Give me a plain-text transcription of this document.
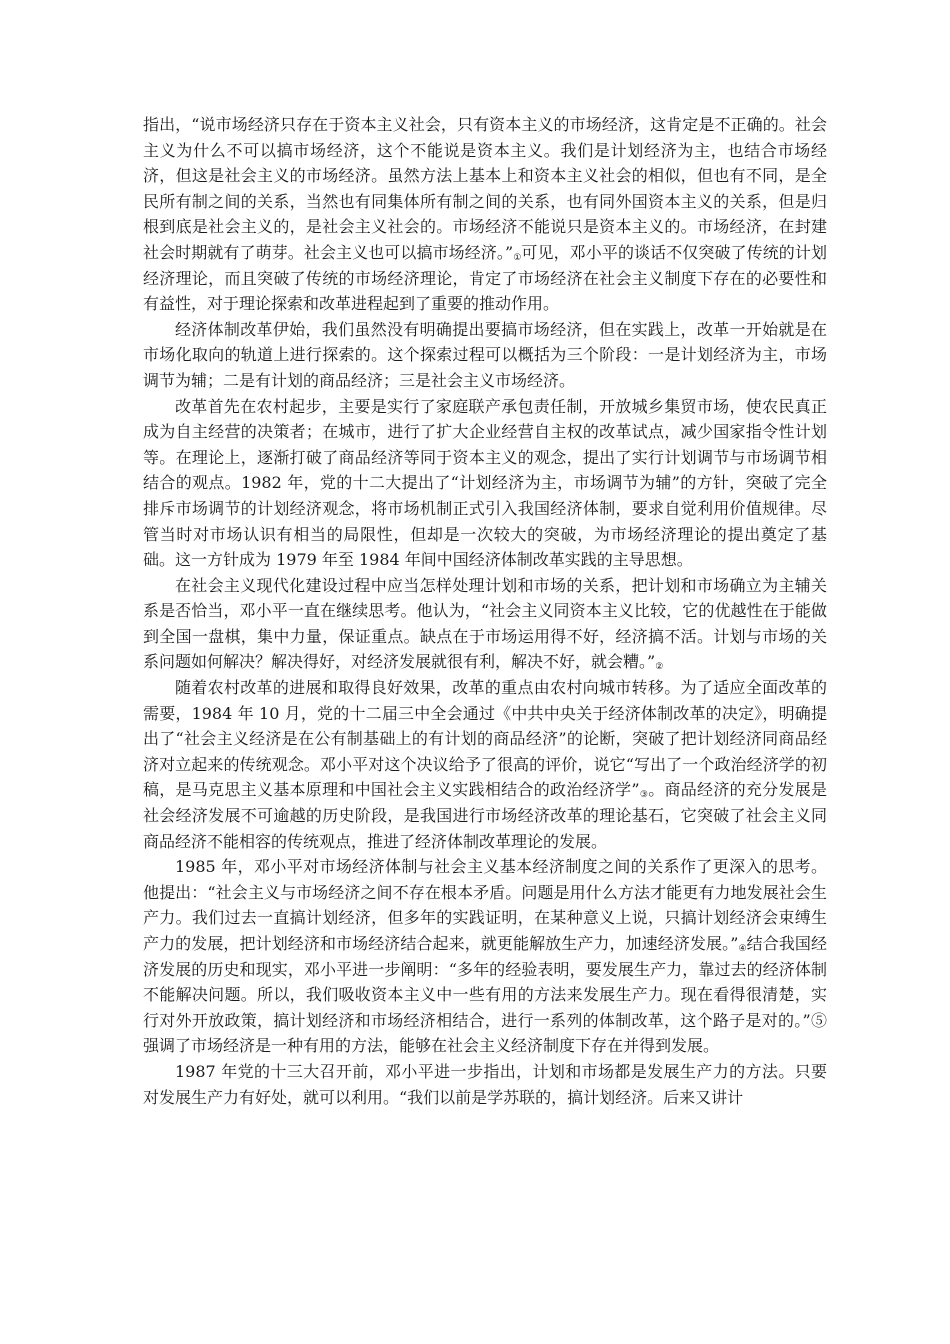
指出，“说市场经济只存在于资本主义社会，只有资本主义的市场经济，这肯定是不正确的。社会主义为什么不可以搞市场经济，这个不能说是资本主义。我们是计划经济为主，也结合市场经济，但这是社会主义的市场经济。虽然方法上基本上和资本主义社会的相似，但也有不同，是全民所有制之间的关系，当然也有同集体所有制之间的关系，也有同外国资本主义的关系，但是归根到底是社会主义的，是社会主义社会的。市场经济不能说只是资本主义的。市场经济，在封建社会时期就有了萌芽。社会主义也可以搞市场经济。”①可见，邓小平的谈话不仅突破了传统的计划经济理论，而且突破了传统的市场经济理论，肯定了市场经济在社会主义制度下存在的必要性和有益性，对于理论探索和改革进程起到了重要的推动作用。

经济体制改革伊始，我们虽然没有明确提出要搞市场经济，但在实践上，改革一开始就是在市场化取向的轨道上进行探索的。这个探索过程可以概括为三个阶段：一是计划经济为主，市场调节为辅；二是有计划的商品经济；三是社会主义市场经济。

改革首先在农村起步，主要是实行了家庭联产承包责任制，开放城乡集贸市场，使农民真正成为自主经营的决策者；在城市，进行了扩大企业经营自主权的改革试点，减少国家指令性计划等。在理论上，逐渐打破了商品经济等同于资本主义的观念，提出了实行计划调节与市场调节相结合的观点。1982 年，党的十二大提出了“计划经济为主，市场调节为辅”的方针，突破了完全排斥市场调节的计划经济观念，将市场机制正式引入我国经济体制，要求自觉利用价值规律。尽管当时对市场认识有相当的局限性，但却是一次较大的突破，为市场经济理论的提出奠定了基础。这一方针成为 1979 年至 1984 年间中国经济体制改革实践的主导思想。

在社会主义现代化建设过程中应当怎样处理计划和市场的关系，把计划和市场确立为主辅关系是否恰当，邓小平一直在继续思考。他认为，“社会主义同资本主义比较，它的优越性在于能做到全国一盘棋，集中力量，保证重点。缺点在于市场运用得不好，经济搞不活。计划与市场的关系问题如何解决？解决得好，对经济发展就很有利，解决不好，就会糟。”②

随着农村改革的进展和取得良好效果，改革的重点由农村向城市转移。为了适应全面改革的需要，1984 年 10 月，党的十二届三中全会通过《中共中央关于经济体制改革的决定》，明确提出了“社会主义经济是在公有制基础上的有计划的商品经济”的论断，突破了把计划经济同商品经济对立起来的传统观念。邓小平对这个决议给予了很高的评价，说它“写出了一个政治经济学的初稿，是马克思主义基本原理和中国社会主义实践相结合的政治经济学”③。商品经济的充分发展是社会经济发展不可逾越的历史阶段，是我国进行市场经济改革的理论基石，它突破了社会主义同商品经济不能相容的传统观点，推进了经济体制改革理论的发展。

1985 年，邓小平对市场经济体制与社会主义基本经济制度之间的关系作了更深入的思考。他提出：“社会主义与市场经济之间不存在根本矛盾。问题是用什么方法才能更有力地发展社会生产力。我们过去一直搞计划经济，但多年的实践证明，在某种意义上说，只搞计划经济会束缚生产力的发展，把计划经济和市场经济结合起来，就更能解放生产力，加速经济发展。”④结合我国经济发展的历史和现实，邓小平进一步阐明：“多年的经验表明，要发展生产力，靠过去的经济体制不能解决问题。所以，我们吸收资本主义中一些有用的方法来发展生产力。现在看得很清楚，实行对外开放政策，搞计划经济和市场经济相结合，进行一系列的体制改革，这个路子是对的。”⑤强调了市场经济是一种有用的方法，能够在社会主义经济制度下存在并得到发展。

1987 年党的十三大召开前，邓小平进一步指出，计划和市场都是发展生产力的方法。只要对发展生产力有好处，就可以利用。“我们以前是学苏联的，搞计划经济。后来又讲计
